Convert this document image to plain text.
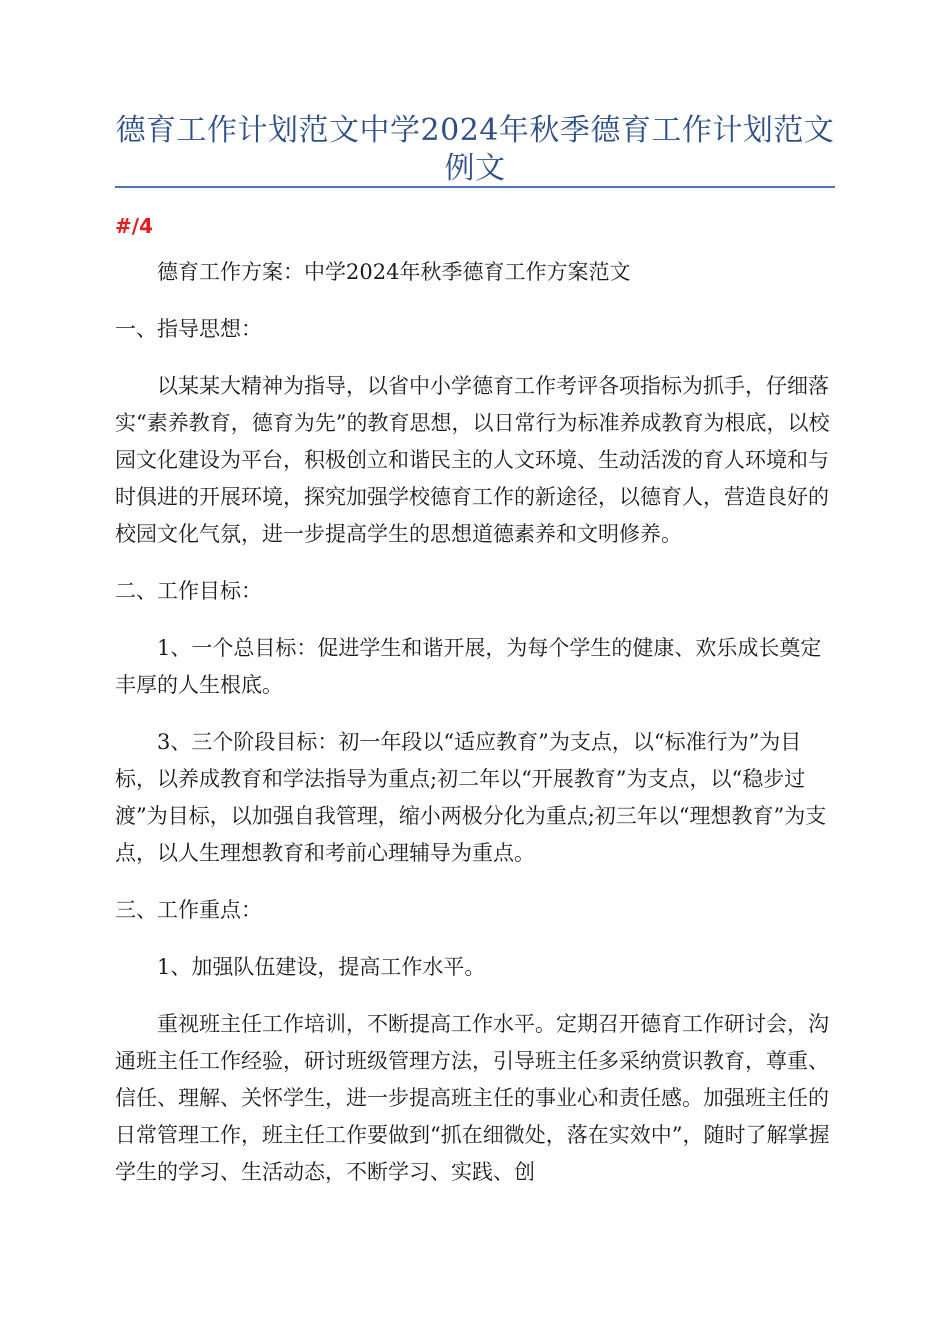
德育工作计划范文中学2024年秋季德育工作计划范文例文
#/4

德育工作方案：中学2024年秋季德育工作方案范文

一、指导思想：

以某某大精神为指导，以省中小学德育工作考评各项指标为抓手，仔细落实“素养教育，德育为先”的教育思想，以日常行为标准养成教育为根底，以校园文化建设为平台，积极创立和谐民主的人文环境、生动活泼的育人环境和与时俱进的开展环境，探究加强学校德育工作的新途径，以德育人，营造良好的校园文化气氛，进一步提高学生的思想道德素养和文明修养。

二、工作目标：

1、一个总目标：促进学生和谐开展，为每个学生的健康、欢乐成长奠定丰厚的人生根底。

3、三个阶段目标：初一年段以“适应教育”为支点，以“标准行为”为目标，以养成教育和学法指导为重点;初二年以“开展教育”为支点，以“稳步过渡”为目标，以加强自我管理，缩小两极分化为重点;初三年以“理想教育”为支点，以人生理想教育和考前心理辅导为重点。

三、工作重点：

1、加强队伍建设，提高工作水平。

重视班主任工作培训，不断提高工作水平。定期召开德育工作研讨会，沟通班主任工作经验，研讨班级管理方法，引导班主任多采纳赏识教育，尊重、信任、理解、关怀学生，进一步提高班主任的事业心和责任感。加强班主任的日常管理工作，班主任工作要做到“抓在细微处，落在实效中”，随时了解掌握学生的学习、生活动态，不断学习、实践、创
